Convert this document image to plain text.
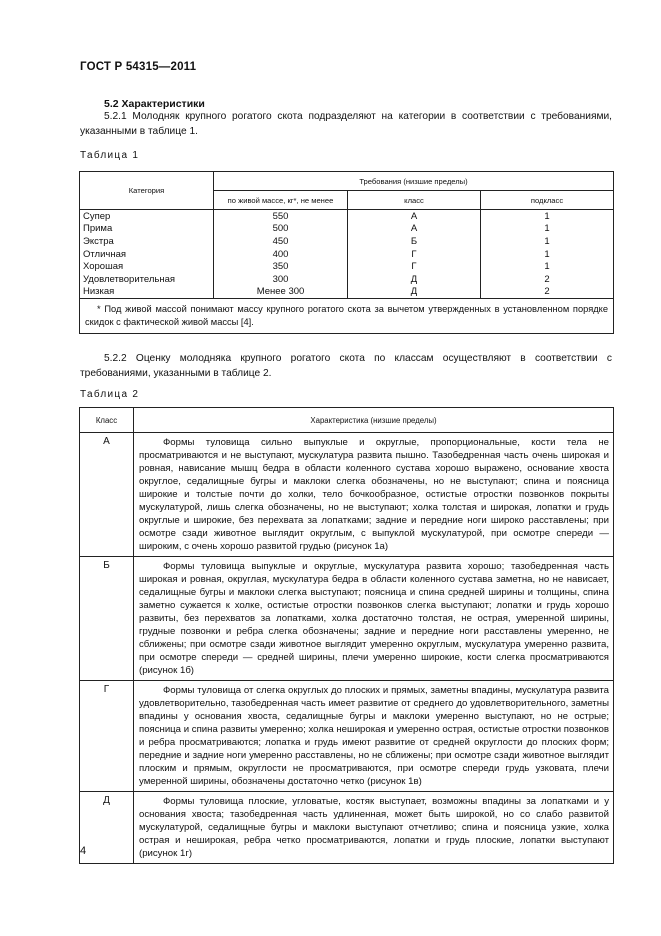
ГОСТ Р 54315—2011
5.2 Характеристики
5.2.1 Молодняк крупного рогатого скота подразделяют на категории в соответствии с требованиями, указанными в таблице 1.
Таблица 1
Категория	Требования (низшие пределы)		
	по живой массе, кг*, не менее	класс	подкласс
Супер	550	А	1
Прима	500	А	1
Экстра	450	Б	1
Отличная	400	Г	1
Хорошая	350	Г	1
Удовлетворительная	300	Д	2
Низкая	Менее 300	Д	2
* Под живой массой понимают массу крупного рогатого скота за вычетом утвержденных в установленном порядке скидок с фактической живой массы [4].			
5.2.2 Оценку молодняка крупного рогатого скота по классам осуществляют в соответствии с требованиями, указанными в таблице 2.
Таблица 2
Класс	Характеристика (низшие пределы)
А	Формы туловища сильно выпуклые и округлые, пропорциональные, кости тела не просматриваются и не выступают, мускулатура развита пышно. Тазобедренная часть очень широкая и ровная, нависание мышц бедра в области коленного сустава хорошо выражено, основание хвоста округлое, седалищные бугры и маклоки слегка обозначены, но не выступают; спина и поясница широкие и толстые почти до холки, тело бочкообразное, остистые отростки позвонков покрыты мускулатурой, лишь слегка обозначены, но не выступают; холка толстая и широкая, лопатки и грудь округлые и широкие, без перехвата за лопатками; задние и передние ноги широко расставлены; при осмотре сзади животное выглядит округлым, с выпуклой мускулатурой, при осмотре спереди — широким, с очень хорошо развитой грудью (рисунок 1а)
Б	Формы туловища выпуклые и округлые, мускулатура развита хорошо; тазобедренная часть широкая и ровная, округлая, мускулатура бедра в области коленного сустава заметна, но не нависает, седалищные бугры и маклоки слегка выступают; поясница и спина средней ширины и толщины, спина заметно сужается к холке, остистые отростки позвонков слегка выступают; лопатки и грудь хорошо развиты, без перехватов за лопатками, холка достаточно толстая, не острая, умеренной ширины, грудные позвонки и ребра слегка обозначены; задние и передние ноги расставлены умеренно, не сближены; при осмотре сзади животное выглядит умеренно округлым, мускулатура умеренно развита, при осмотре спереди — средней ширины, плечи умеренно широкие, кости слегка просматриваются (рисунок 1б)
Г	Формы туловища от слегка округлых до плоских и прямых, заметны впадины, мускулатура развита удовлетворительно, тазобедренная часть имеет развитие от среднего до удовлетворительного, заметны впадины у основания хвоста, седалищные бугры и маклоки умеренно выступают, но не острые; поясница и спина развиты умеренно; холка неширокая и умеренно острая, остистые отростки позвонков и ребра просматриваются; лопатка и грудь имеют развитие от средней округлости до плоских форм; передние и задние ноги умеренно расставлены, но не сближены; при осмотре сзади животное выглядит плоским и прямым, округлости не просматриваются, при осмотре спереди грудь узковата, плечи умеренной ширины, обозначены достаточно четко (рисунок 1в)
Д	Формы туловища плоские, угловатые, костяк выступает, возможны впадины за лопатками и у основания хвоста; тазобедренная часть удлиненная, может быть широкой, но со слабо развитой мускулатурой, седалищные бугры и маклоки выступают отчетливо; спина и поясница узкие, холка острая и неширокая, ребра четко просматриваются, лопатки и грудь плоские, лопатки выступают (рисунок 1г)
4
